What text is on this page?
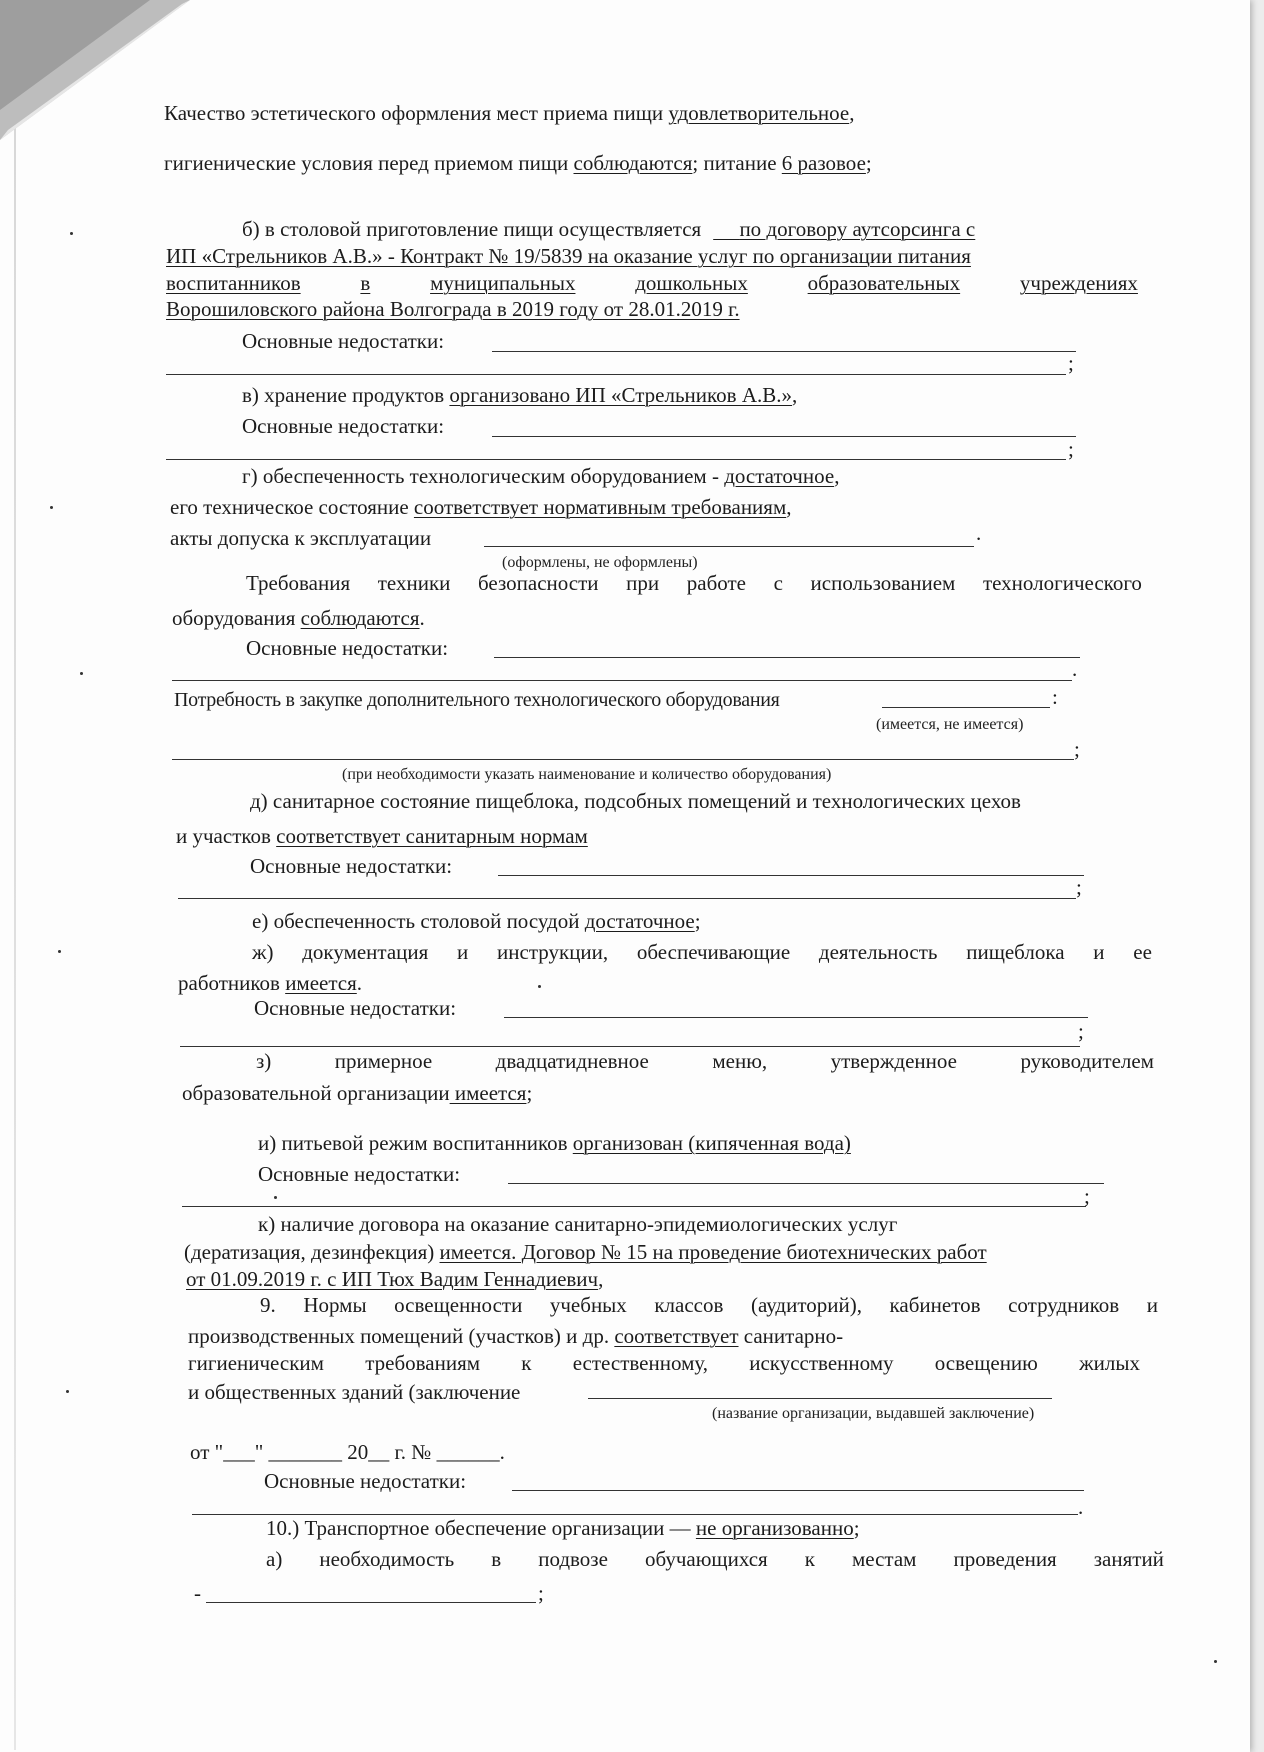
Качество эстетического оформления мест приема пищи удовлетворительное,
гигиенические условия перед приемом пищи соблюдаются; питание 6 разовое;
б) в столовой приготовление пищи осуществляется по договору аутсорсинга с
ИП «Стрельников А.В.» - Контракт № 19/5839 на оказание услуг по организации питания
воспитанников	в	муниципальных	дошкольных	образовательных	учреждениях
Ворошиловского района Волгограда в 2019 году от 28.01.2019 г.
Основные недостатки:
;
в) хранение продуктов организовано ИП «Стрельников А.В.»,
Основные недостатки:
;
г) обеспеченность технологическим оборудованием - достаточное,
его техническое состояние соответствует нормативным требованиям,
акты допуска к эксплуатации	.
(оформлены, не оформлены)
Требования техники безопасности при работе с использованием технологического
оборудования соблюдаются.
Основные недостатки:
.
Потребность в закупке дополнительного технологического оборудования	:
(имеется, не имеется)
;
(при необходимости указать наименование и количество оборудования)
д) санитарное состояние пищеблока, подсобных помещений и технологических цехов
и участков соответствует санитарным нормам
Основные недостатки:
;
е) обеспеченность столовой посудой достаточное;
ж) документация и инструкции, обеспечивающие деятельность пищеблока и ее
работников имеется.
Основные недостатки:
;
з)	примерное	двадцатидневное	меню,	утвержденное	руководителем
образовательной организации имеется;
и) питьевой режим воспитанников организован (кипяченная вода)
Основные недостатки:
;
к) наличие договора на оказание санитарно-эпидемиологических услуг
(дератизация, дезинфекция) имеется. Договор № 15 на проведение биотехнических работ
от 01.09.2019 г. с ИП Тюх Вадим Геннадиевич,
9. Нормы освещенности учебных классов (аудиторий), кабинетов сотрудников и
производственных помещений (участков) и др. соответствует санитарно-
гигиеническим требованиям к естественному, искусственному освещению жилых
и общественных зданий (заключение
(название организации, выдавшей заключение)
от "___" _______ 20__ г. № ______.
Основные недостатки:
.
10.) Транспортное обеспечение организации — не организованно;
а) необходимость в подвозе обучающихся к местам проведения занятий
-	;
